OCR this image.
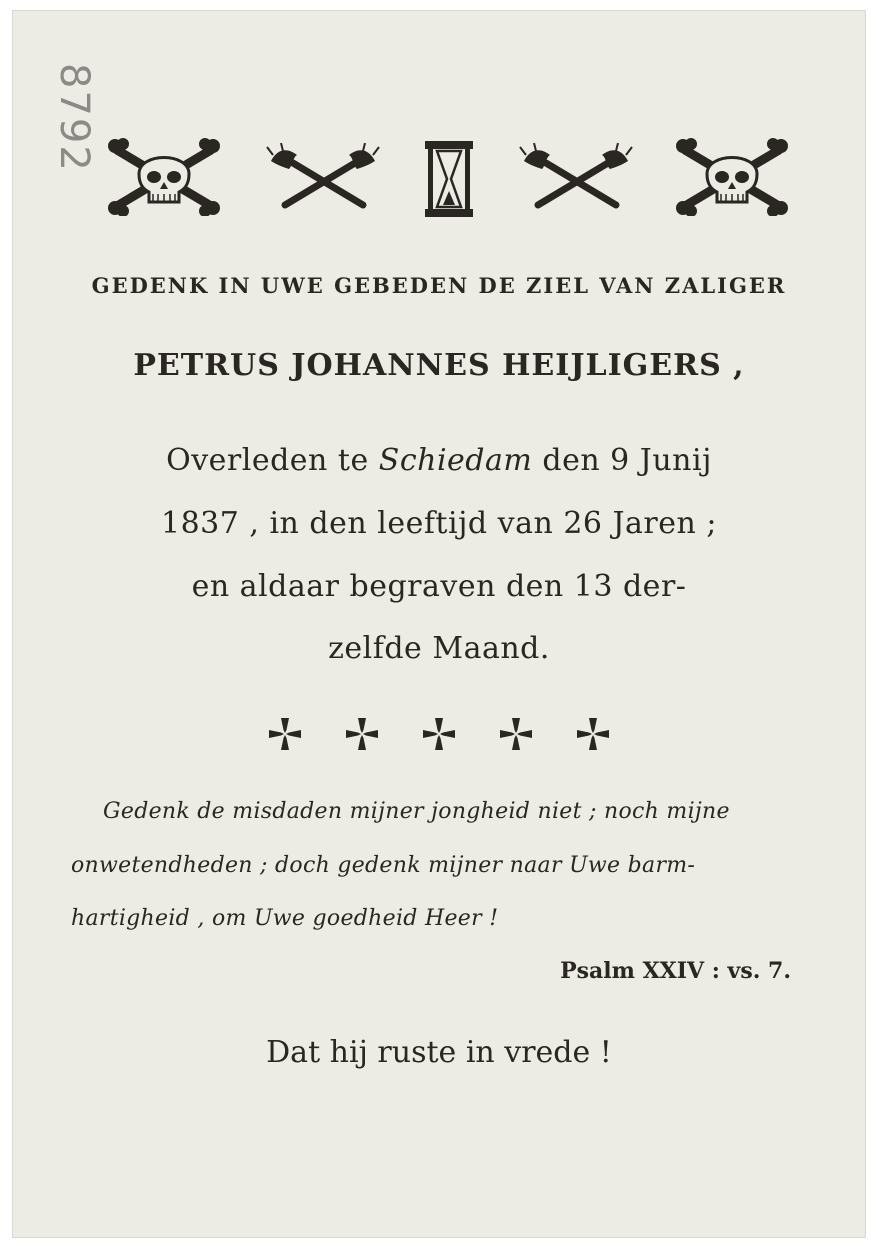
8792
GEDENK IN UWE GEBEDEN DE ZIEL VAN ZALIGER
PETRUS JOHANNES HEIJLIGERS ,
Overleden te Schiedam den 9 Junij
1837 , in den leeftijd van 26 Jaren ;
en aldaar begraven den 13 der-
zelfde Maand.
Gedenk de misdaden mijner jongheid niet ; noch mijne
onwetendheden ; doch gedenk mijner naar Uwe barm-
hartigheid , om Uwe goedheid Heer !
Psalm XXIV : vs. 7.
Dat hij ruste in vrede !
